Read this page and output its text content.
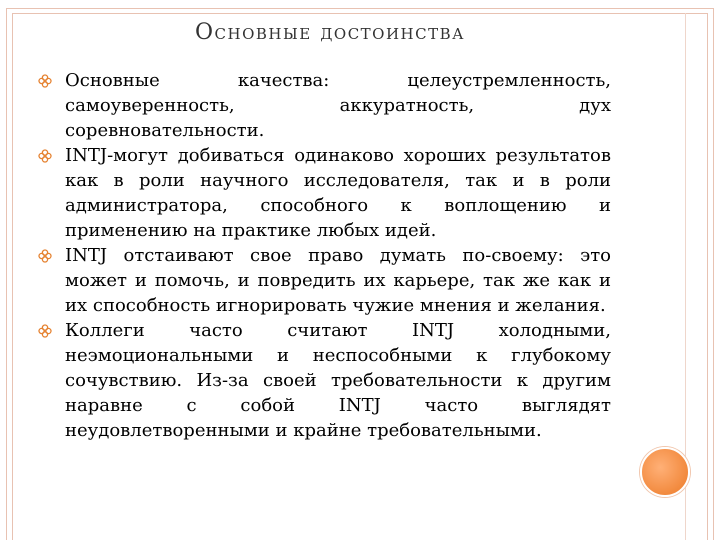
Основные достоинства
Основные качества: целеустремленность, самоуверенность, аккуратность, дух соревновательности.
INTJ-могут добиваться одинаково хороших результатов как в роли научного исследователя, так и в роли администратора, способного к воплощению и применению на практике любых идей.
INTJ отстаивают свое право думать по-своему: это может и помочь, и повредить их карьере, так же как и их способность игнорировать чужие мнения и желания.
Коллеги часто считают INTJ холодными, неэмоциональными и неспособными к глубокому сочувствию. Из-за своей требовательности к другим наравне с собой INTJ часто выглядят неудовлетворенными и крайне требовательными.
